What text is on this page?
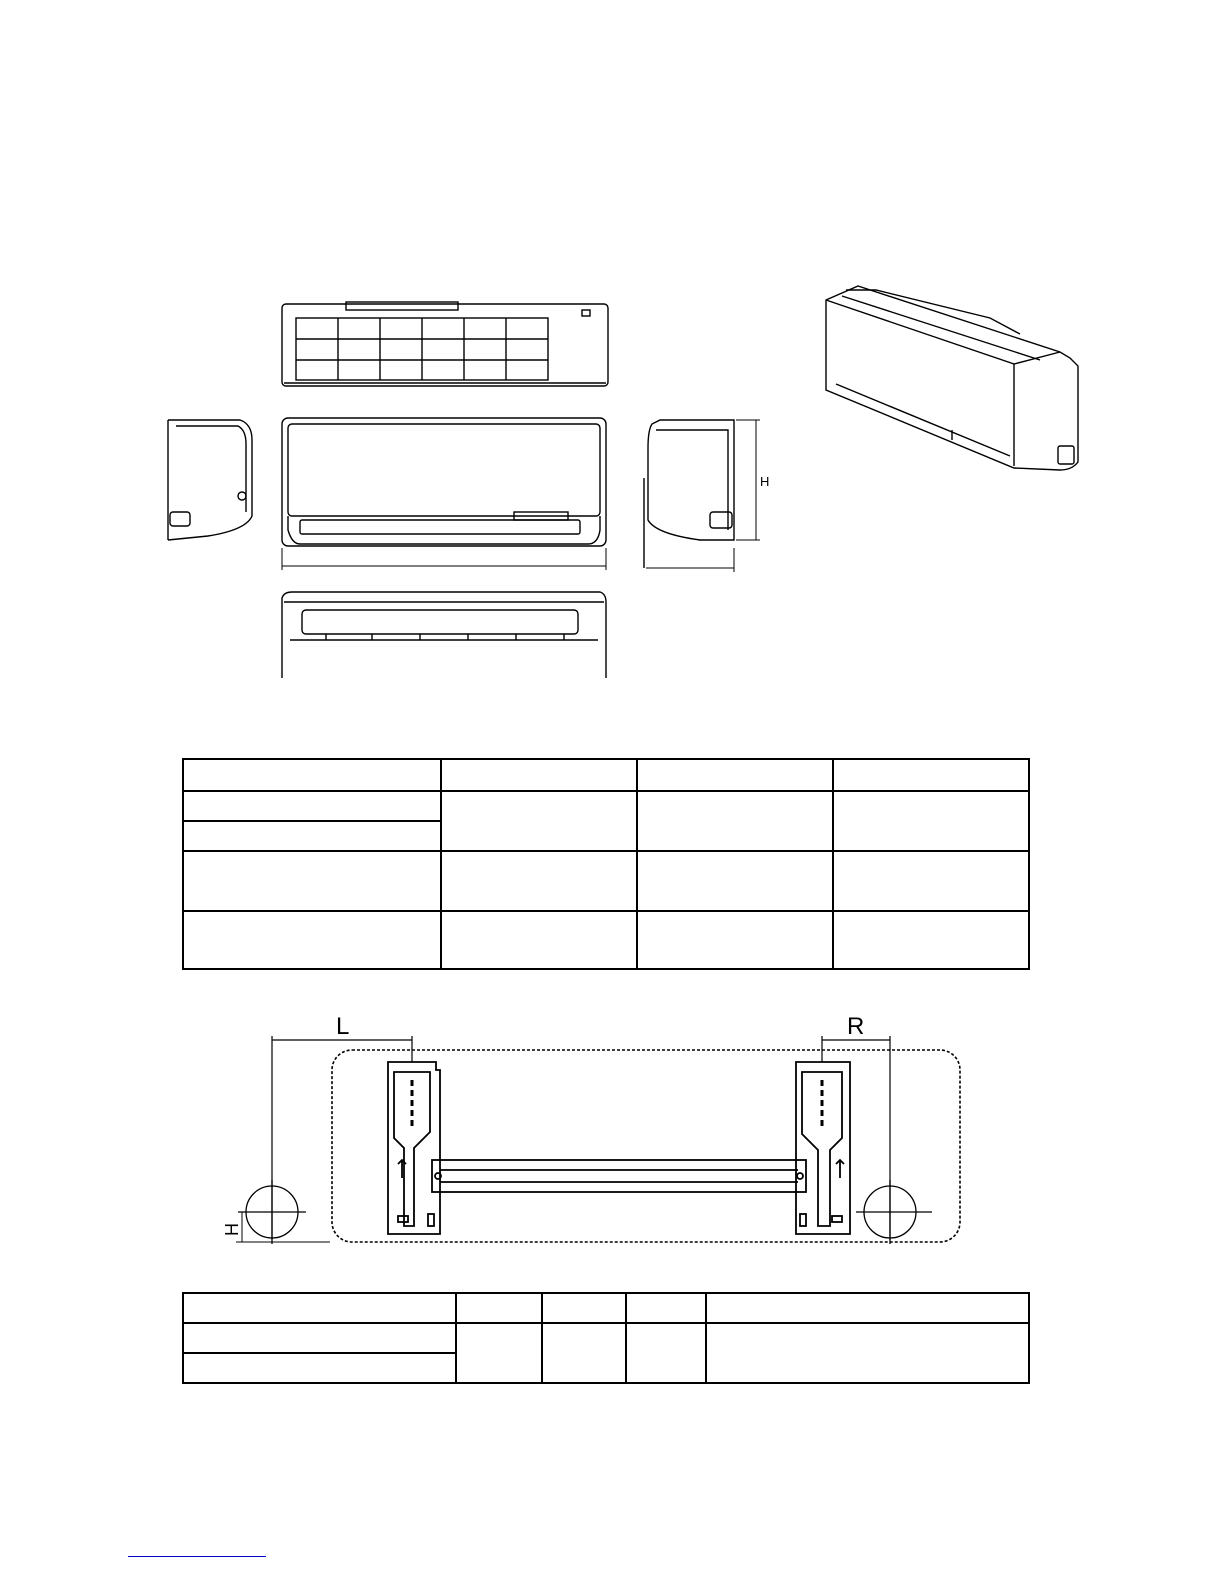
H

L	R
H
